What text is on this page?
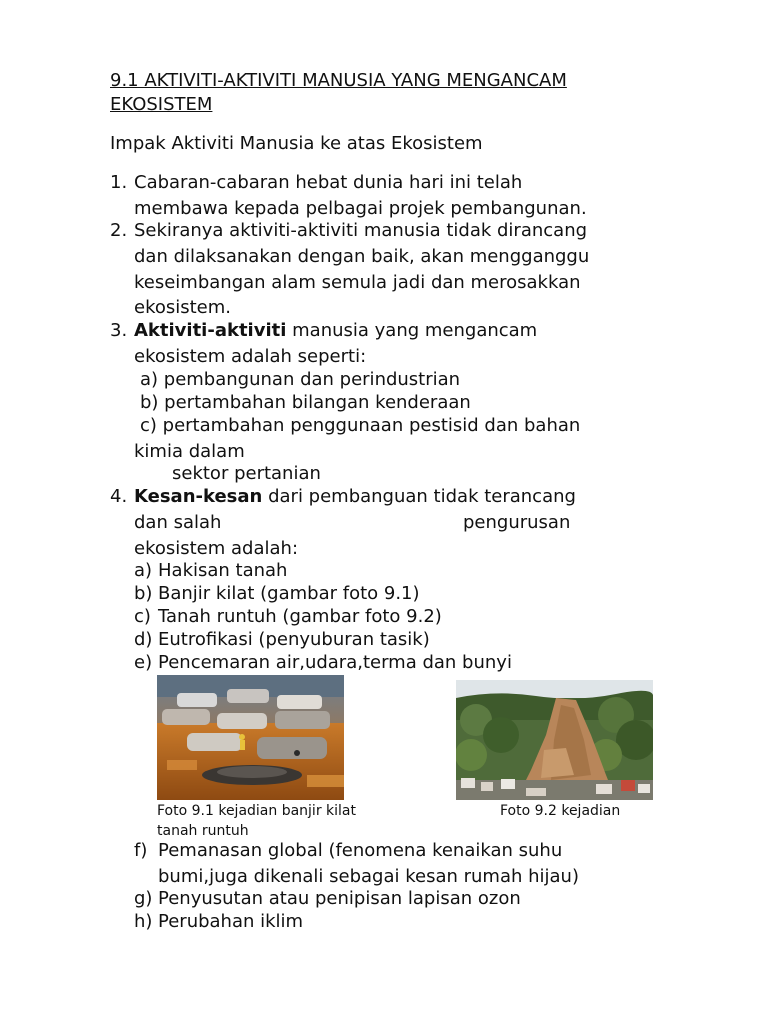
9.1 AKTIVITI-AKTIVITI MANUSIA YANG MENGANCAM
EKOSISTEM
Impak Aktiviti Manusia ke atas Ekosistem
1. Cabaran-cabaran hebat dunia hari ini telah
membawa kepada pelbagai projek pembangunan.
2. Sekiranya aktiviti-aktiviti manusia tidak dirancang
dan dilaksanakan dengan baik, akan mengganggu
keseimbangan alam semula jadi dan merosakkan
ekosistem.
3. Aktiviti-aktiviti manusia yang mengancam
ekosistem adalah seperti:
a) pembangunan dan perindustrian
b) pertambahan bilangan kenderaan
c) pertambahan penggunaan pestisid dan bahan
kimia dalam
sektor pertanian
4. Kesan-kesan dari pembanguan tidak terancang
dan salah	pengurusan
ekosistem adalah:
a) Hakisan tanah
b) Banjir kilat (gambar foto 9.1)
c) Tanah runtuh (gambar foto 9.2)
d) Eutrofikasi (penyuburan tasik)
e) Pencemaran air,udara,terma dan bunyi
Foto 9.1 kejadian banjir kilat	Foto 9.2 kejadian
tanah runtuh
f) Pemanasan global (fenomena kenaikan suhu
bumi,juga dikenali sebagai kesan rumah hijau)
g) Penyusutan atau penipisan lapisan ozon
h) Perubahan iklim
